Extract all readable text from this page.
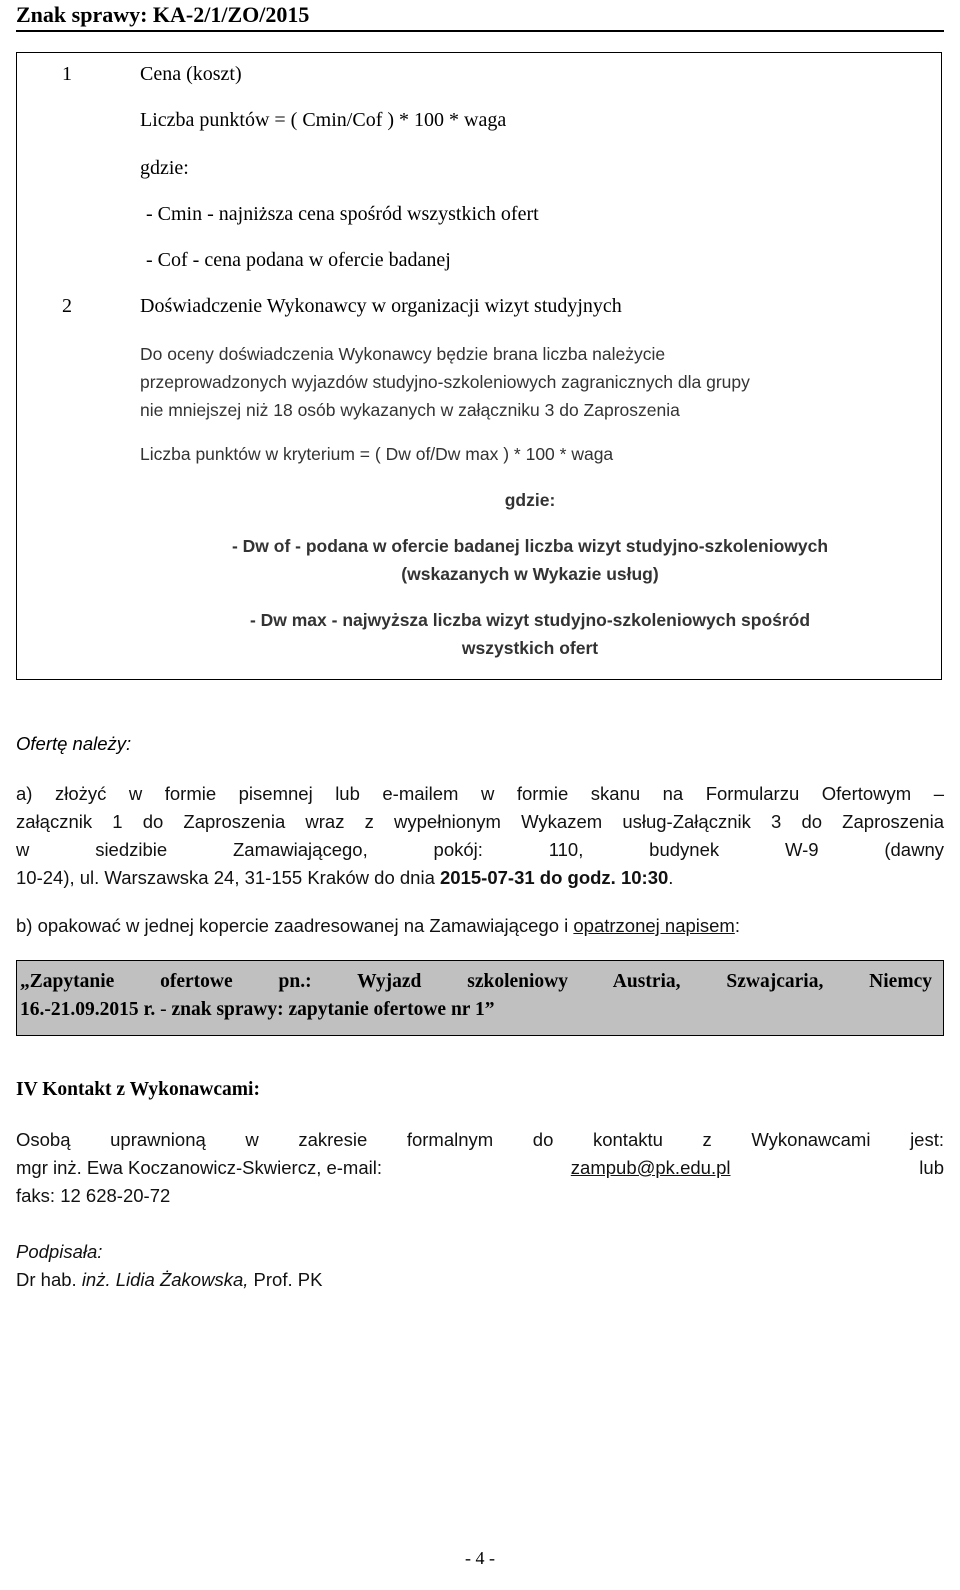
Znak sprawy: KA-2/1/ZO/2015
1	Cena (koszt)
Liczba punktów = ( Cmin/Cof ) * 100 * waga
gdzie:
- Cmin - najniższa cena spośród wszystkich ofert
- Cof - cena podana w ofercie badanej
2	Doświadczenie Wykonawcy w organizacji wizyt studyjnych
Do oceny doświadczenia Wykonawcy będzie brana liczba należycie
przeprowadzonych wyjazdów studyjno-szkoleniowych zagranicznych dla grupy
nie mniejszej niż 18 osób wykazanych w załączniku 3 do Zaproszenia
Liczba punktów w kryterium = ( Dw of/Dw max ) * 100 * waga
gdzie:
- Dw of - podana w ofercie badanej liczba wizyt studyjno-szkoleniowych
(wskazanych w Wykazie usług)
- Dw max - najwyższa liczba wizyt studyjno-szkoleniowych spośród
wszystkich ofert
Ofertę należy:
a) złożyć w formie pisemnej lub e-mailem w formie skanu na Formularzu Ofertowym –
załącznik 1 do Zaproszenia wraz z wypełnionym Wykazem usług-Załącznik 3 do Zaproszenia
w siedzibie Zamawiającego, pokój: 110, budynek W-9 (dawny
10-24), ul. Warszawska 24, 31-155 Kraków do dnia 2015-07-31 do godz. 10:30.
b) opakować w jednej kopercie zaadresowanej na Zamawiającego i opatrzonej napisem:
„Zapytanie ofertowe pn.: Wyjazd szkoleniowy Austria, Szwajcaria, Niemcy
16.-21.09.2015 r. - znak sprawy: zapytanie ofertowe nr 1”
IV Kontakt z Wykonawcami:
Osobą uprawnioną w zakresie formalnym do kontaktu z Wykonawcami jest:
mgr inż. Ewa Koczanowicz-Skwiercz, e-mail:	zampub@pk.edu.pl	lub
faks: 12 628-20-72
Podpisała:
Dr hab. inż. Lidia Żakowska, Prof. PK
- 4 -
